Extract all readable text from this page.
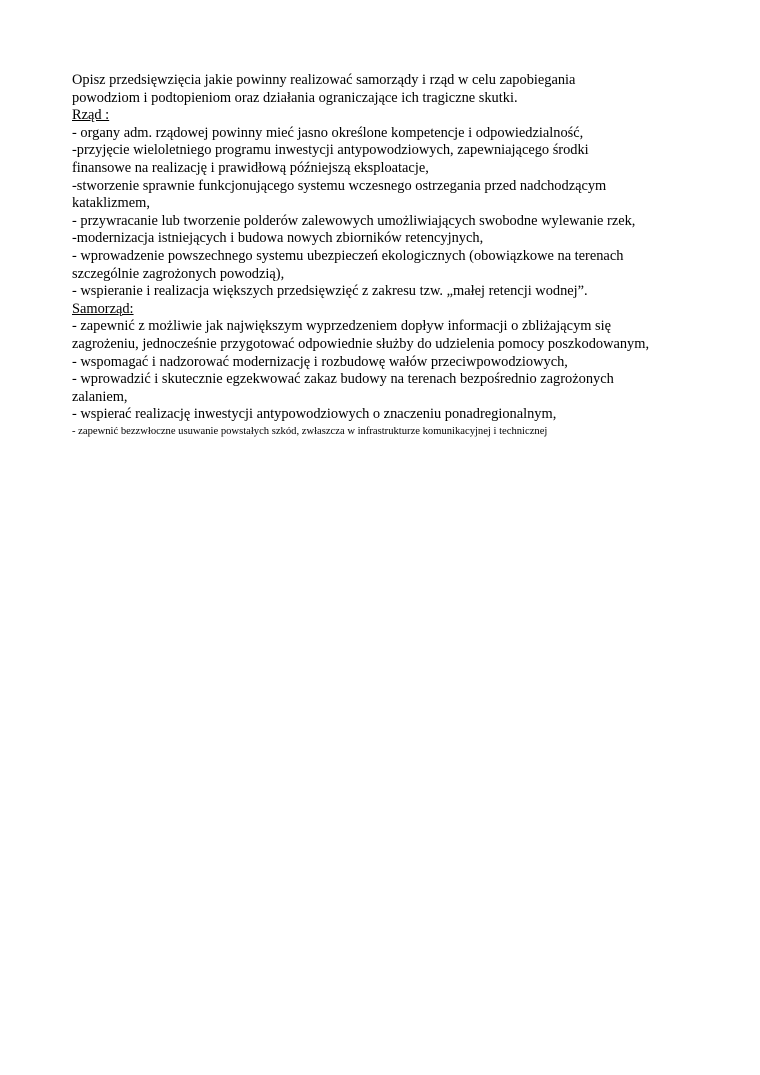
Opisz przedsięwzięcia jakie powinny realizować samorządy i rząd w celu zapobiegania
powodziom i podtopieniom oraz działania ograniczające ich tragiczne skutki.
Rząd :
- organy adm. rządowej powinny mieć jasno określone kompetencje i odpowiedzialność,
-przyjęcie wieloletniego programu inwestycji antypowodziowych, zapewniającego środki
finansowe na realizację i prawidłową późniejszą eksploatacje,
-stworzenie sprawnie funkcjonującego systemu wczesnego ostrzegania przed nadchodzącym
kataklizmem,
- przywracanie lub tworzenie polderów zalewowych umożliwiających swobodne wylewanie rzek,
-modernizacja istniejących i budowa nowych zbiorników retencyjnych,
- wprowadzenie powszechnego systemu ubezpieczeń ekologicznych (obowiązkowe na terenach
szczególnie zagrożonych powodzią),
- wspieranie i realizacja większych przedsięwzięć z zakresu tzw. „małej retencji wodnej”.
Samorząd:
- zapewnić z możliwie jak największym wyprzedzeniem dopływ informacji o zbliżającym się
zagrożeniu, jednocześnie przygotować odpowiednie służby do udzielenia pomocy poszkodowanym,
- wspomagać i nadzorować modernizację i rozbudowę wałów przeciwpowodziowych,
- wprowadzić i skutecznie egzekwować zakaz budowy na terenach bezpośrednio zagrożonych
zalaniem,
- wspierać realizację inwestycji antypowodziowych o znaczeniu ponadregionalnym,
- zapewnić bezzwłoczne usuwanie powstałych szkód, zwłaszcza w infrastrukturze komunikacyjnej i technicznej
